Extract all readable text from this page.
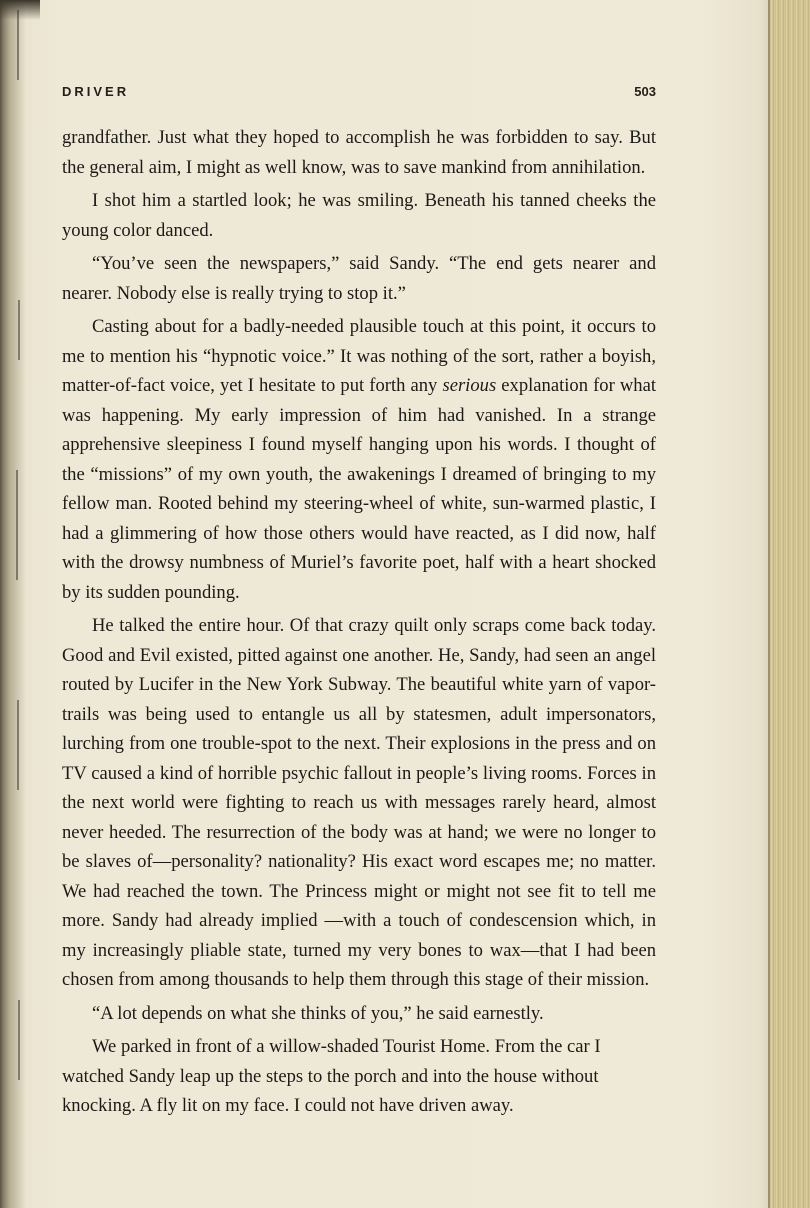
DRIVER	503

grandfather. Just what they hoped to accomplish he was forbidden to say. But the general aim, I might as well know, was to save mankind from annihilation.

I shot him a startled look; he was smiling. Beneath his tanned cheeks the young color danced.

“You’ve seen the newspapers,” said Sandy. “The end gets nearer and nearer. Nobody else is really trying to stop it.”

Casting about for a badly-needed plausible touch at this point, it occurs to me to mention his “hypnotic voice.” It was nothing of the sort, rather a boyish, matter-of-fact voice, yet I hesitate to put forth any serious explanation for what was happening. My early impression of him had vanished. In a strange apprehensive sleepiness I found myself hanging upon his words. I thought of the “missions” of my own youth, the awakenings I dreamed of bringing to my fellow man. Rooted behind my steering-wheel of white, sun-warmed plastic, I had a glimmering of how those others would have reacted, as I did now, half with the drowsy numbness of Muriel’s favorite poet, half with a heart shocked by its sudden pounding.

He talked the entire hour. Of that crazy quilt only scraps come back today. Good and Evil existed, pitted against one another. He, Sandy, had seen an angel routed by Lucifer in the New York Subway. The beautiful white yarn of vapor-trails was being used to entangle us all by statesmen, adult impersonators, lurching from one trouble-spot to the next. Their explosions in the press and on TV caused a kind of horrible psychic fallout in people’s living rooms. Forces in the next world were fighting to reach us with messages rarely heard, almost never heeded. The resurrection of the body was at hand; we were no longer to be slaves of—personality? nationality? His exact word escapes me; no matter. We had reached the town. The Princess might or might not see fit to tell me more. Sandy had already implied —with a touch of condescension which, in my increasingly pliable state, turned my very bones to wax—that I had been chosen from among thousands to help them through this stage of their mission.

“A lot depends on what she thinks of you,” he said earnestly.

We parked in front of a willow-shaded Tourist Home. From the car I watched Sandy leap up the steps to the porch and into the house without knocking. A fly lit on my face. I could not have driven away.
